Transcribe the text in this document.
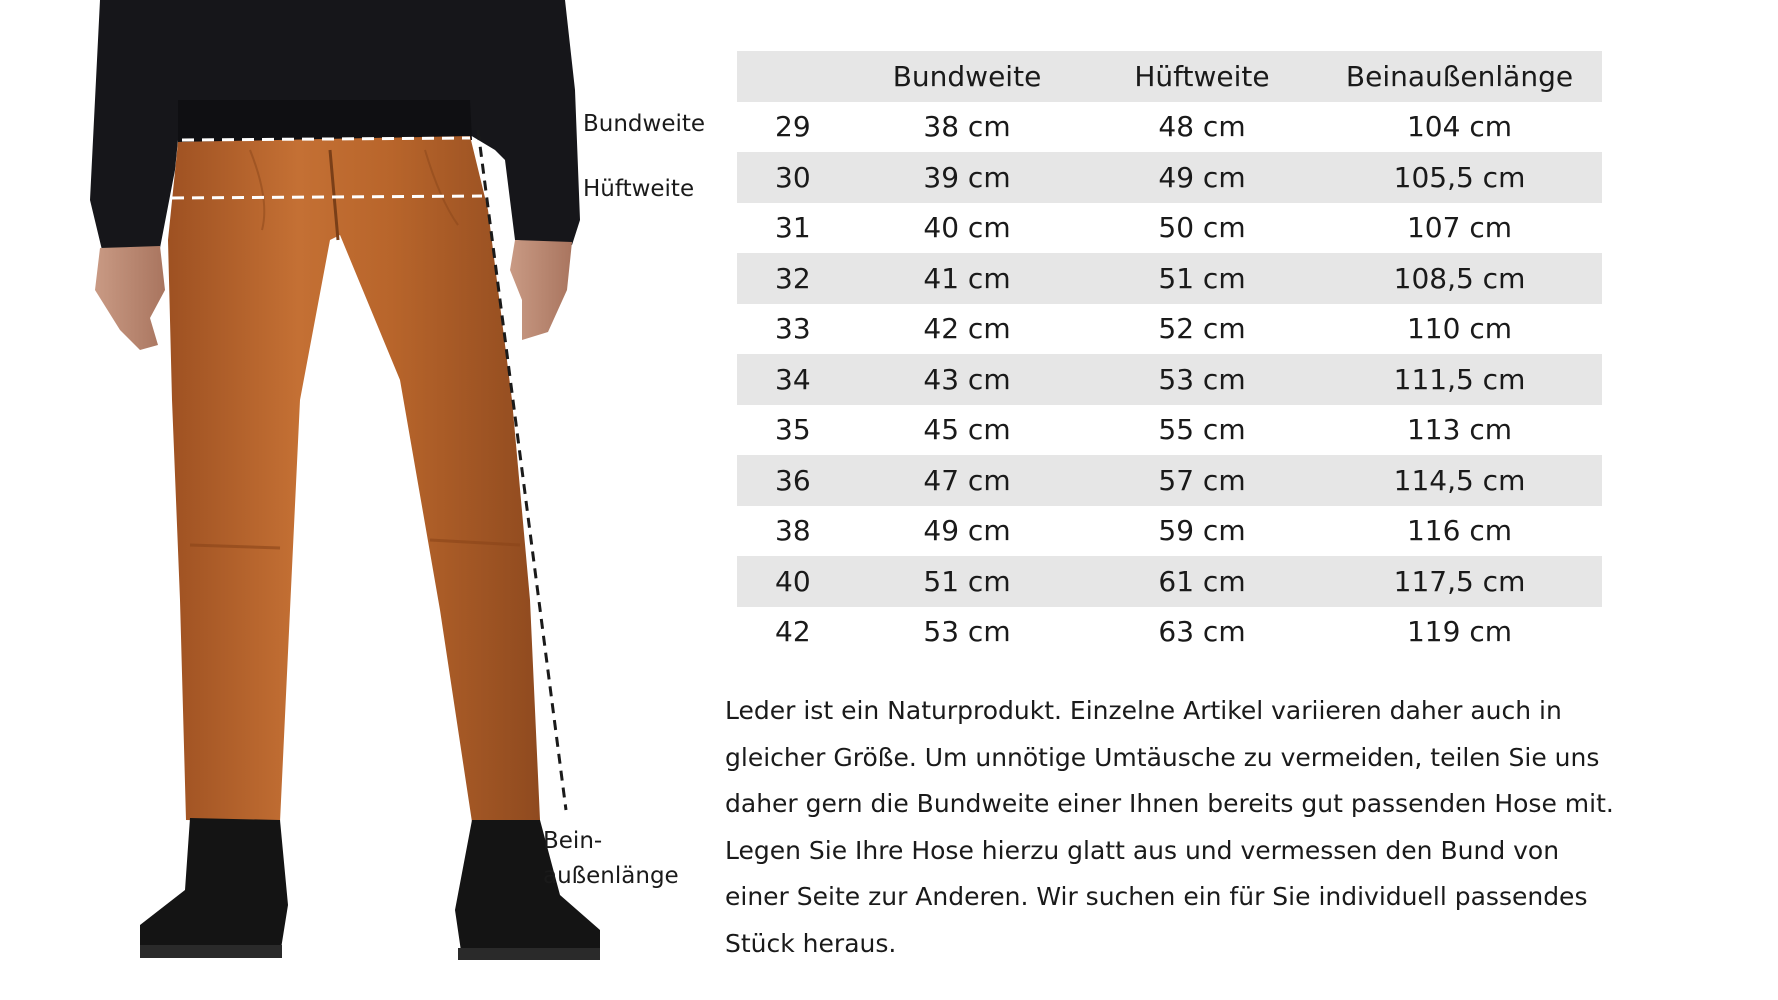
Bundweite
Hüftweite
Bein-
außenlänge
	Bundweite	Hüftweite	Beinaußenlänge
29	38 cm	48 cm	104 cm
30	39 cm	49 cm	105,5 cm
31	40 cm	50 cm	107 cm
32	41 cm	51 cm	108,5 cm
33	42 cm	52 cm	110 cm
34	43 cm	53 cm	111,5 cm
35	45 cm	55 cm	113 cm
36	47 cm	57 cm	114,5 cm
38	49 cm	59 cm	116 cm
40	51 cm	61 cm	117,5 cm
42	53 cm	63 cm	119 cm
Leder ist ein Naturprodukt. Einzelne Artikel variieren daher auch in
gleicher Größe. Um unnötige Umtäusche zu vermeiden, teilen Sie uns
daher gern die Bundweite einer Ihnen bereits gut passenden Hose mit.
Legen Sie Ihre Hose hierzu glatt aus und vermessen den Bund von
einer Seite zur Anderen. Wir suchen ein für Sie individuell passendes
Stück heraus.
